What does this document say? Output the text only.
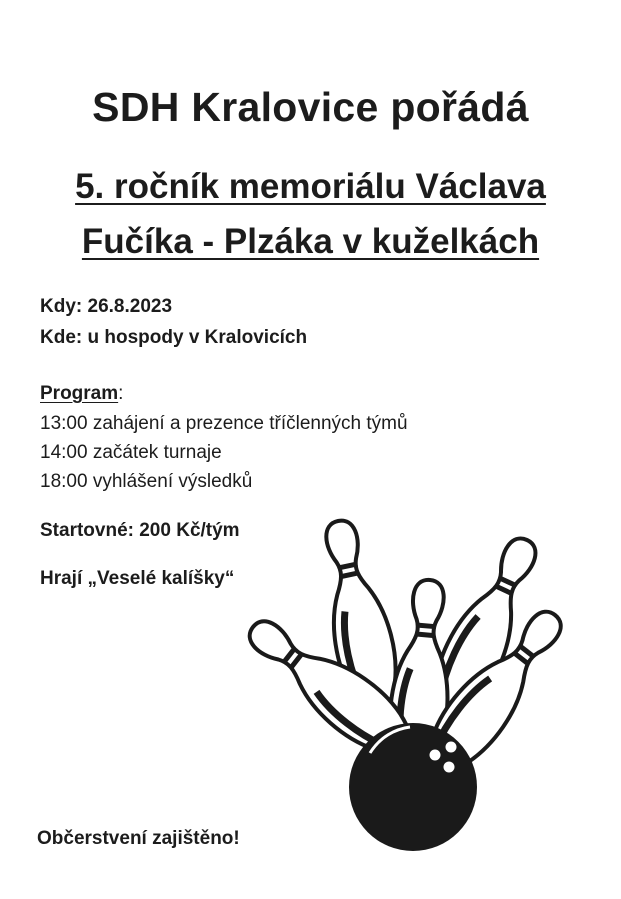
SDH Kralovice pořádá
5. ročník memoriálu Václava
Fučíka - Plzáka v kuželkách
Kdy: 26.8.2023
Kde: u hospody v Kralovicích
Program:
13:00 zahájení a prezence tříčlenných týmů
14:00 začátek turnaje
18:00 vyhlášení výsledků
Startovné: 200 Kč/tým
Hrají „Veselé kalíšky“
Občerstvení zajištěno!
